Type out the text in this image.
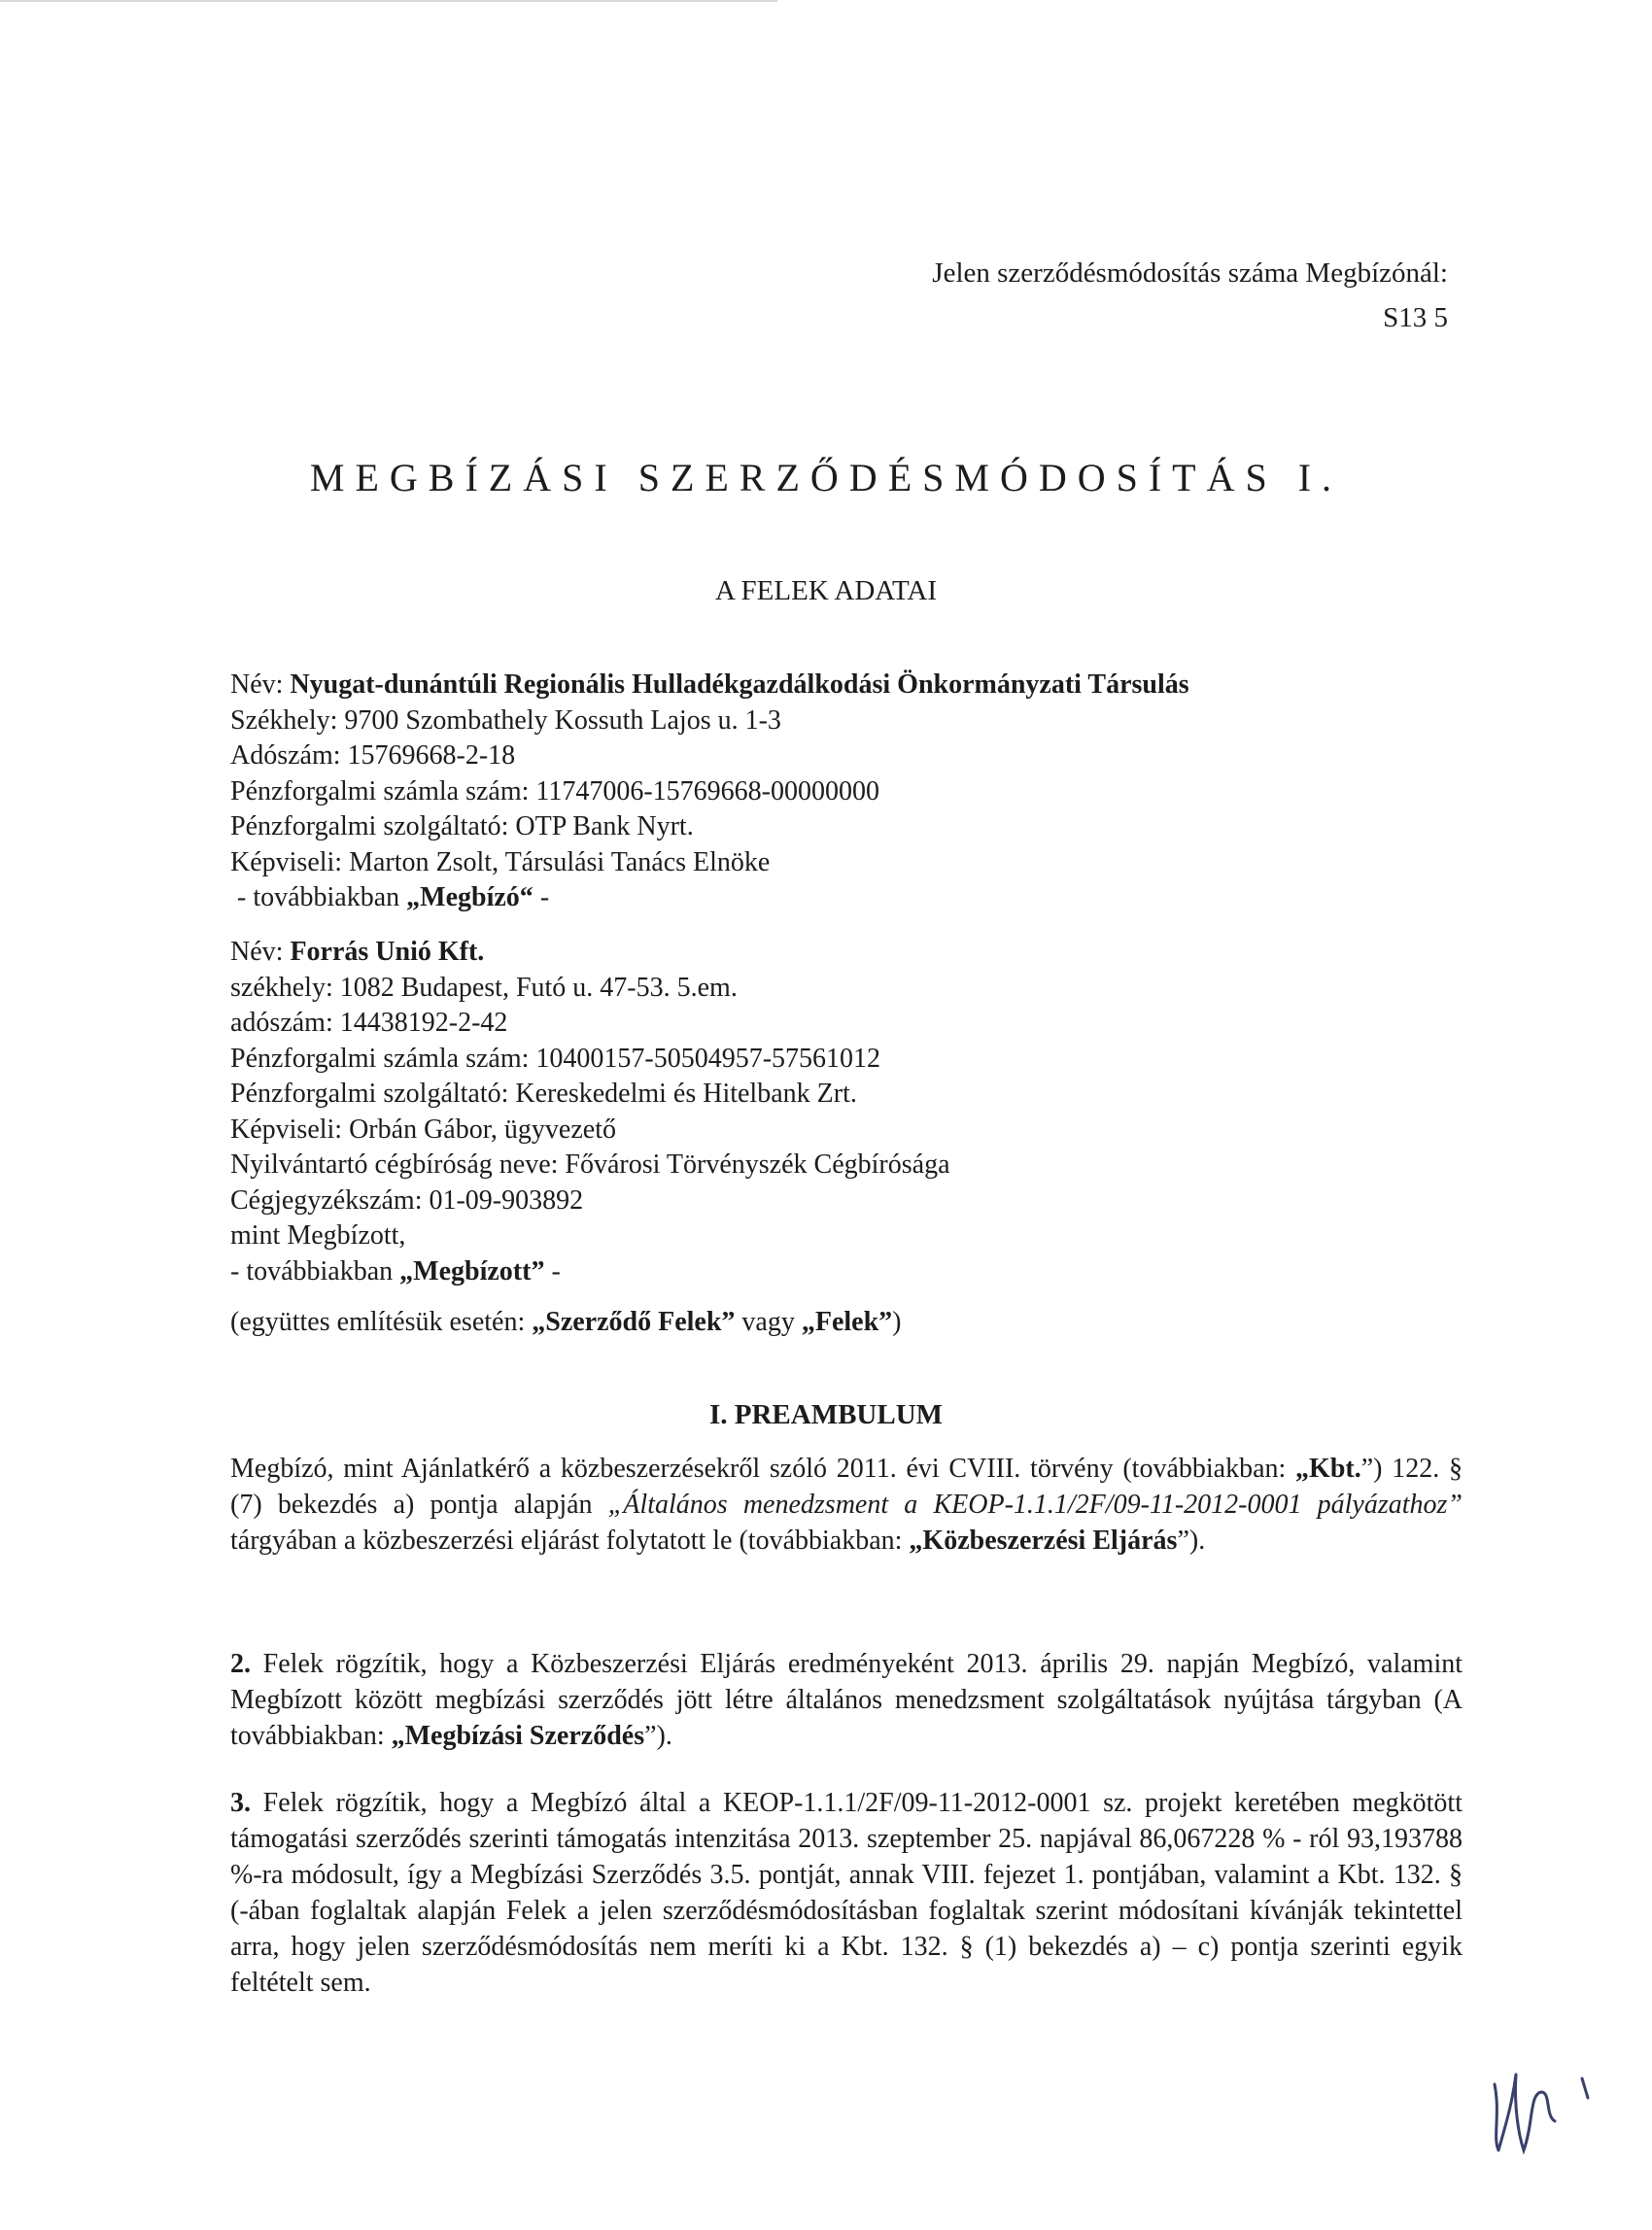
Jelen szerződésmódosítás száma Megbízónál:
S13 5
MEGBÍZÁSI SZERZŐDÉSMÓDOSÍTÁS I.
A FELEK ADATAI
Név: Nyugat-dunántúli Regionális Hulladékgazdálkodási Önkormányzati Társulás
Székhely: 9700 Szombathely Kossuth Lajos u. 1-3
Adószám: 15769668-2-18
Pénzforgalmi számla szám: 11747006-15769668-00000000
Pénzforgalmi szolgáltató: OTP Bank Nyrt.
Képviseli: Marton Zsolt, Társulási Tanács Elnöke
- továbbiakban „Megbízó“ -
Név: Forrás Unió Kft.
székhely: 1082 Budapest, Futó u. 47-53. 5.em.
adószám: 14438192-2-42
Pénzforgalmi számla szám: 10400157-50504957-57561012
Pénzforgalmi szolgáltató: Kereskedelmi és Hitelbank Zrt.
Képviseli: Orbán Gábor, ügyvezető
Nyilvántartó cégbíróság neve: Fővárosi Törvényszék Cégbírósága
Cégjegyzékszám: 01-09-903892
mint Megbízott,
- továbbiakban „Megbízott” -
(együttes említésük esetén: „Szerződő Felek” vagy „Felek”)
I. PREAMBULUM
Megbízó, mint Ajánlatkérő a közbeszerzésekről szóló 2011. évi CVIII. törvény (továbbiakban: „Kbt.”) 122. § (7) bekezdés a) pontja alapján „Általános menedzsment a KEOP-1.1.1/2F/09-11-2012-0001 pályázathoz” tárgyában a közbeszerzési eljárást folytatott le (továbbiakban: „Közbeszerzési Eljárás”).
2. Felek rögzítik, hogy a Közbeszerzési Eljárás eredményeként 2013. április 29. napján Megbízó, valamint Megbízott között megbízási szerződés jött létre általános menedzsment szolgáltatások nyújtása tárgyban (A továbbiakban: „Megbízási Szerződés”).
3. Felek rögzítik, hogy a Megbízó által a KEOP-1.1.1/2F/09-11-2012-0001 sz. projekt keretében megkötött támogatási szerződés szerinti támogatás intenzitása 2013. szeptember 25. napjával 86,067228 % - ról 93,193788 %-ra módosult, így a Megbízási Szerződés 3.5. pontját, annak VIII. fejezet 1. pontjában, valamint a Kbt. 132. § (-ában foglaltak alapján Felek a jelen szerződésmódosításban foglaltak szerint módosítani kívánják tekintettel arra, hogy jelen szerződésmódosítás nem meríti ki a Kbt. 132. § (1) bekezdés a) – c) pontja szerinti egyik feltételt sem.
